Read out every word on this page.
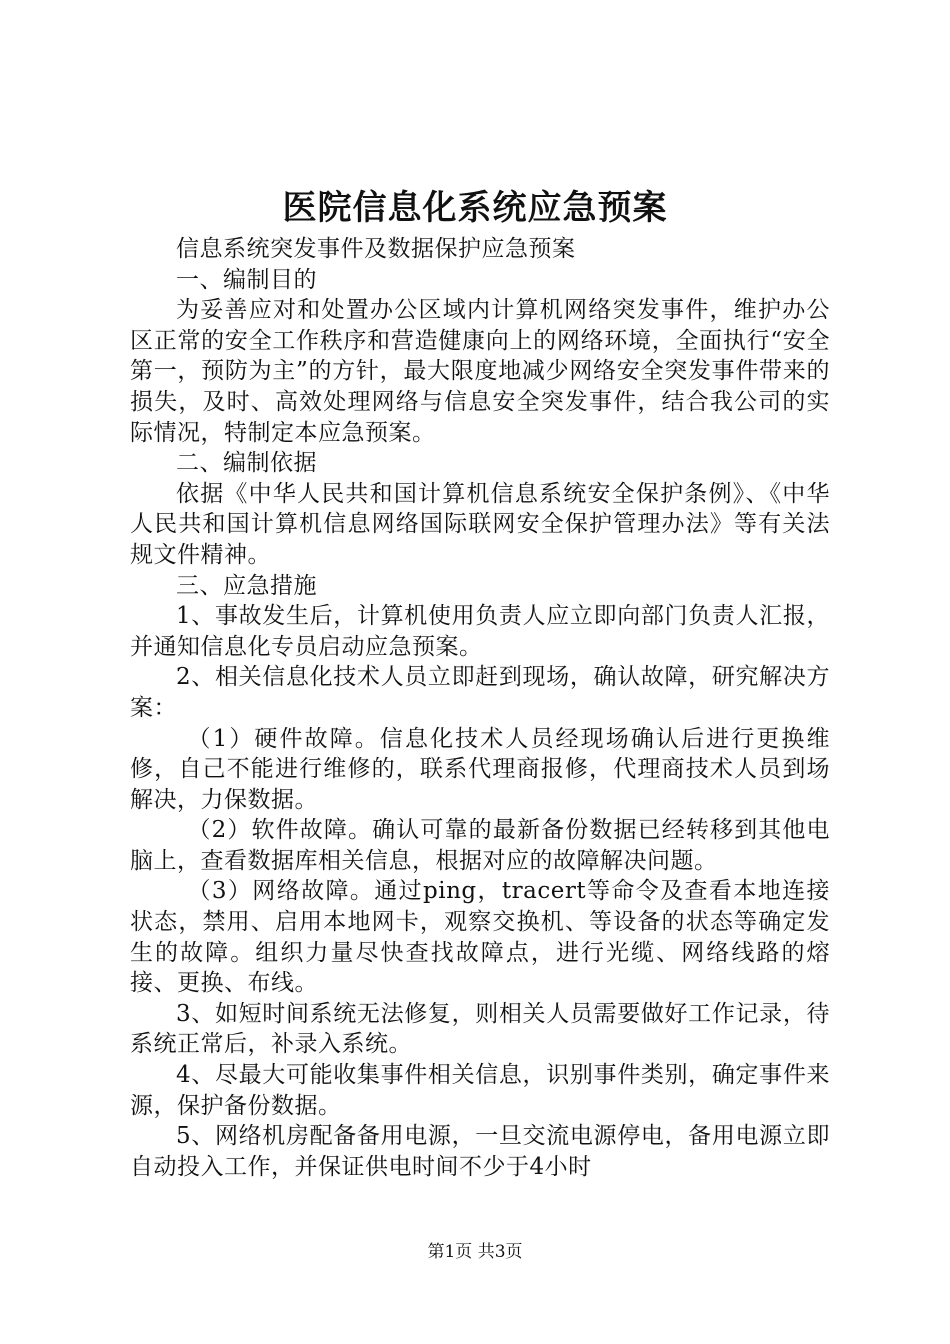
医院信息化系统应急预案

信息系统突发事件及数据保护应急预案

一、编制目的

为妥善应对和处置办公区域内计算机网络突发事件，维护办公区正常的安全工作秩序和营造健康向上的网络环境，全面执行“安全第一，预防为主”的方针，最大限度地减少网络安全突发事件带来的损失，及时、高效处理网络与信息安全突发事件，结合我公司的实际情况，特制定本应急预案。

二、编制依据

依据《中华人民共和国计算机信息系统安全保护条例》、《中华人民共和国计算机信息网络国际联网安全保护管理办法》等有关法规文件精神。

三、应急措施

1、事故发生后，计算机使用负责人应立即向部门负责人汇报，并通知信息化专员启动应急预案。

2、相关信息化技术人员立即赶到现场，确认故障，研究解决方案：

（1）硬件故障。信息化技术人员经现场确认后进行更换维修，自己不能进行维修的，联系代理商报修，代理商技术人员到场解决，力保数据。

（2）软件故障。确认可靠的最新备份数据已经转移到其他电脑上，查看数据库相关信息，根据对应的故障解决问题。

（3）网络故障。通过ping，tracert等命令及查看本地连接状态，禁用、启用本地网卡，观察交换机、等设备的状态等确定发生的故障。组织力量尽快查找故障点，进行光缆、网络线路的熔接、更换、布线。

3、如短时间系统无法修复，则相关人员需要做好工作记录，待系统正常后，补录入系统。

4、尽最大可能收集事件相关信息，识别事件类别，确定事件来源，保护备份数据。

5、网络机房配备备用电源，一旦交流电源停电，备用电源立即自动投入工作，并保证供电时间不少于4小时

第1页 共3页
